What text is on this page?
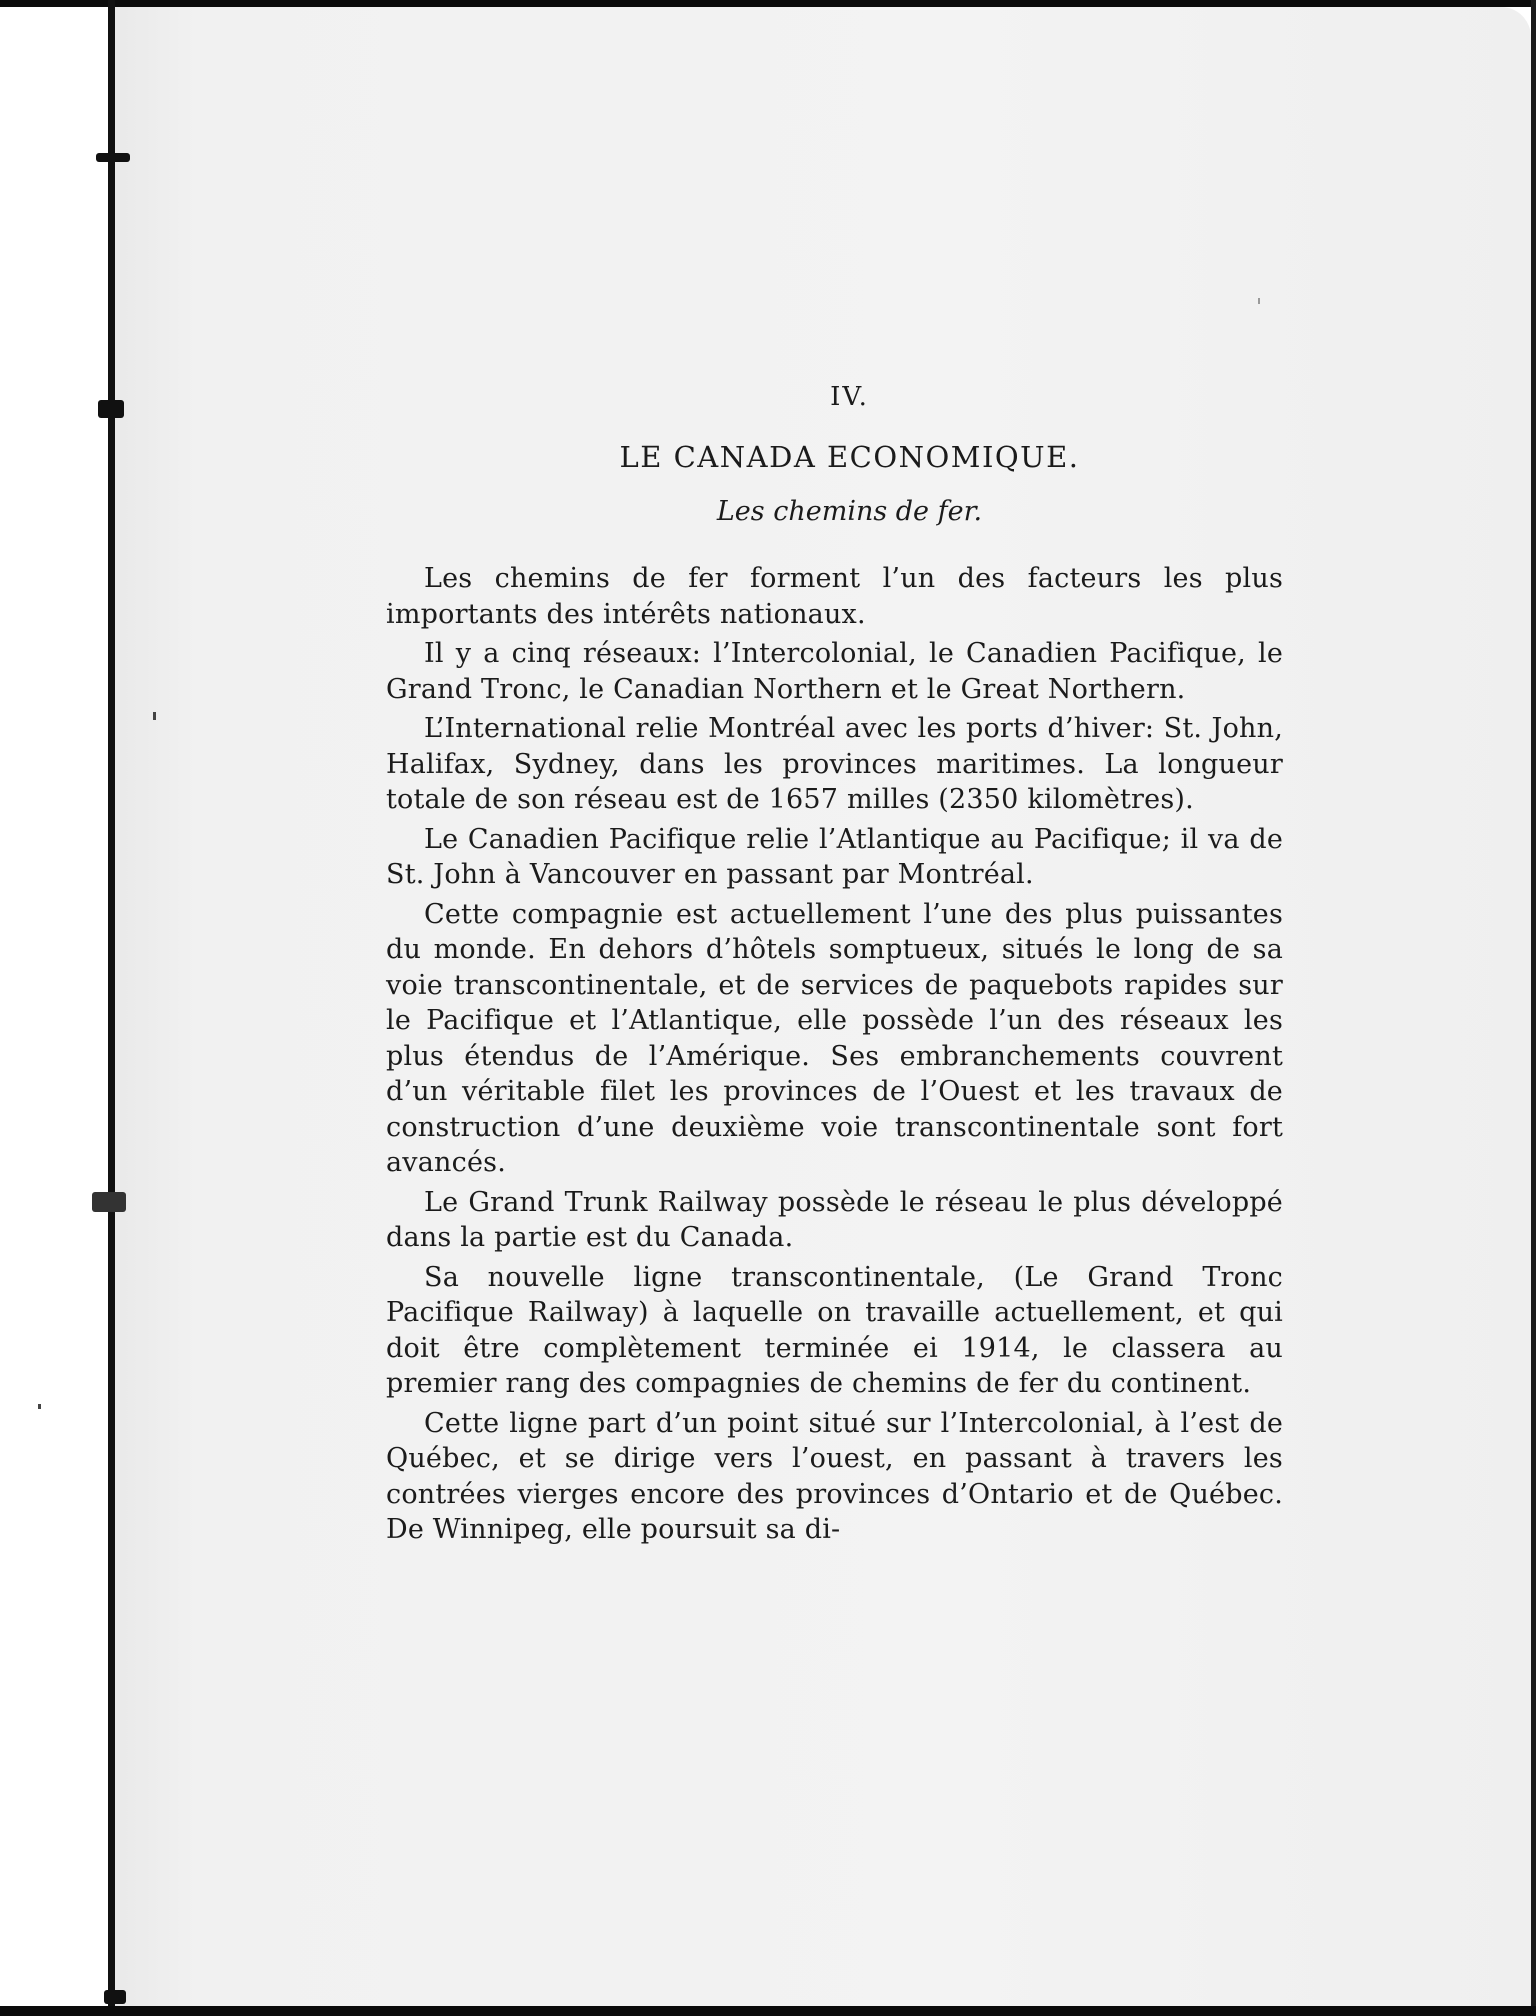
IV.
LE CANADA ECONOMIQUE.
Les chemins de fer.

Les chemins de fer forment l’un des facteurs les plus importants des intérêts nationaux.

Il y a cinq réseaux: l’Intercolonial, le Canadien Pacifique, le Grand Tronc, le Canadian Northern et le Great Northern.

L’International relie Montréal avec les ports d’hiver: St. John, Halifax, Sydney, dans les provinces maritimes. La longueur totale de son réseau est de 1657 milles (2350 kilomètres).

Le Canadien Pacifique relie l’Atlantique au Pacifique; il va de St. John à Vancouver en passant par Montréal.

Cette compagnie est actuellement l’une des plus puissantes du monde. En dehors d’hôtels somptueux, situés le long de sa voie transcontinentale, et de services de paquebots rapides sur le Pacifique et l’Atlantique, elle possède l’un des réseaux les plus étendus de l’Amérique. Ses embranchements couvrent d’un véritable filet les provinces de l’Ouest et les travaux de construction d’une deuxième voie transcontinentale sont fort avancés.

Le Grand Trunk Railway possède le réseau le plus développé dans la partie est du Canada.

Sa nouvelle ligne transcontinentale, (Le Grand Tronc Pacifique Railway) à laquelle on travaille actuellement, et qui doit être complètement terminée ei 1914, le classera au premier rang des compagnies de chemins de fer du continent.

Cette ligne part d’un point situé sur l’Intercolonial, à l’est de Québec, et se dirige vers l’ouest, en passant à travers les contrées vierges encore des provinces d’Ontario et de Québec. De Winnipeg, elle poursuit sa di-
